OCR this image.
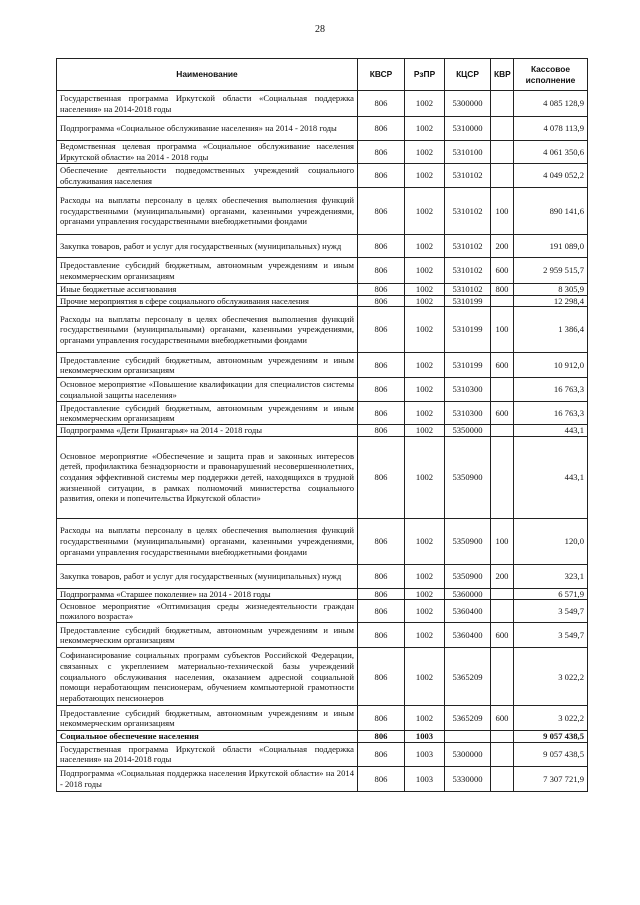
28
Наименование	КВСР	РзПР	КЦСР	КВР	Кассовое исполнение
Государственная программа Иркутской области «Социальная поддержка населения» на 2014-2018 годы	806	1002	5300000		4 085 128,9
Подпрограмма «Социальное обслуживание населения» на 2014 - 2018 годы	806	1002	5310000		4 078 113,9
Ведомственная целевая программа «Социальное обслуживание населения Иркутской области» на 2014 - 2018 годы	806	1002	5310100		4 061 350,6
Обеспечение деятельности подведомственных учреждений социального обслуживания населения	806	1002	5310102		4 049 052,2
Расходы на выплаты персоналу в целях обеспечения выполнения функций государственными (муниципальными) органами, казенными учреждениями, органами управления государственными внебюджетными фондами	806	1002	5310102	100	890 141,6
Закупка товаров, работ и услуг для государственных (муниципальных) нужд	806	1002	5310102	200	191 089,0
Предоставление субсидий бюджетным, автономным учреждениям и иным некоммерческим организациям	806	1002	5310102	600	2 959 515,7
Иные бюджетные ассигнования	806	1002	5310102	800	8 305,9
Прочие мероприятия в сфере социального обслуживания населения	806	1002	5310199		12 298,4
Расходы на выплаты персоналу в целях обеспечения выполнения функций государственными (муниципальными) органами, казенными учреждениями, органами управления государственными внебюджетными фондами	806	1002	5310199	100	1 386,4
Предоставление субсидий бюджетным, автономным учреждениям и иным некоммерческим организациям	806	1002	5310199	600	10 912,0
Основное мероприятие «Повышение квалификации для специалистов системы социальной защиты населения»	806	1002	5310300		16 763,3
Предоставление субсидий бюджетным, автономным учреждениям и иным некоммерческим организациям	806	1002	5310300	600	16 763,3
Подпрограмма «Дети Приангарья» на 2014 - 2018 годы	806	1002	5350000		443,1
Основное мероприятие «Обеспечение и защита прав и законных интересов детей, профилактика безнадзорности и правонарушений несовершеннолетних, создания эффективной системы мер поддержки детей, находящихся в трудной жизненной ситуации, в рамках полномочий министерства социального развития, опеки и попечительства Иркутской области»	806	1002	5350900		443,1
Расходы на выплаты персоналу в целях обеспечения выполнения функций государственными (муниципальными) органами, казенными учреждениями, органами управления государственными внебюджетными фондами	806	1002	5350900	100	120,0
Закупка товаров, работ и услуг для государственных (муниципальных) нужд	806	1002	5350900	200	323,1
Подпрограмма «Старшее поколение» на 2014 - 2018 годы	806	1002	5360000		6 571,9
Основное мероприятие «Оптимизация среды жизнедеятельности граждан пожилого возраста»	806	1002	5360400		3 549,7
Предоставление субсидий бюджетным, автономным учреждениям и иным некоммерческим организациям	806	1002	5360400	600	3 549,7
Софинансирование социальных программ субъектов Российской Федерации, связанных с укреплением материально-технической базы учреждений социального обслуживания населения, оказанием адресной социальной помощи неработающим пенсионерам, обучением компьютерной грамотности неработающих пенсионеров	806	1002	5365209		3 022,2
Предоставление субсидий бюджетным, автономным учреждениям и иным некоммерческим организациям	806	1002	5365209	600	3 022,2
Социальное обеспечение населения	806	1003			9 057 438,5
Государственная программа Иркутской области «Социальная поддержка населения» на 2014-2018 годы	806	1003	5300000		9 057 438,5
Подпрограмма «Социальная поддержка населения Иркутской области» на 2014 - 2018 годы	806	1003	5330000		7 307 721,9
